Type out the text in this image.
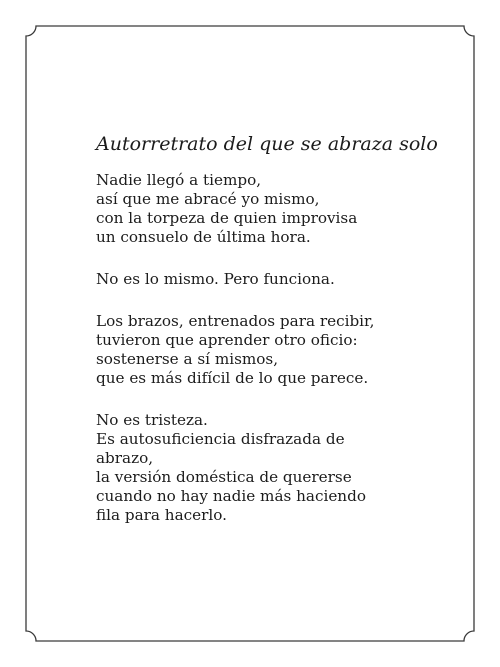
Autorretrato del que se abraza solo
Nadie llegó a tiempo,
así que me abracé yo mismo,
con la torpeza de quien improvisa
un consuelo de última hora.
No es lo mismo. Pero funciona.
Los brazos, entrenados para recibir,
tuvieron que aprender otro oficio:
sostenerse a sí mismos,
que es más difícil de lo que parece.
No es tristeza.
Es autosuficiencia disfrazada de
abrazo,
la versión doméstica de quererse
cuando no hay nadie más haciendo
fila para hacerlo.
